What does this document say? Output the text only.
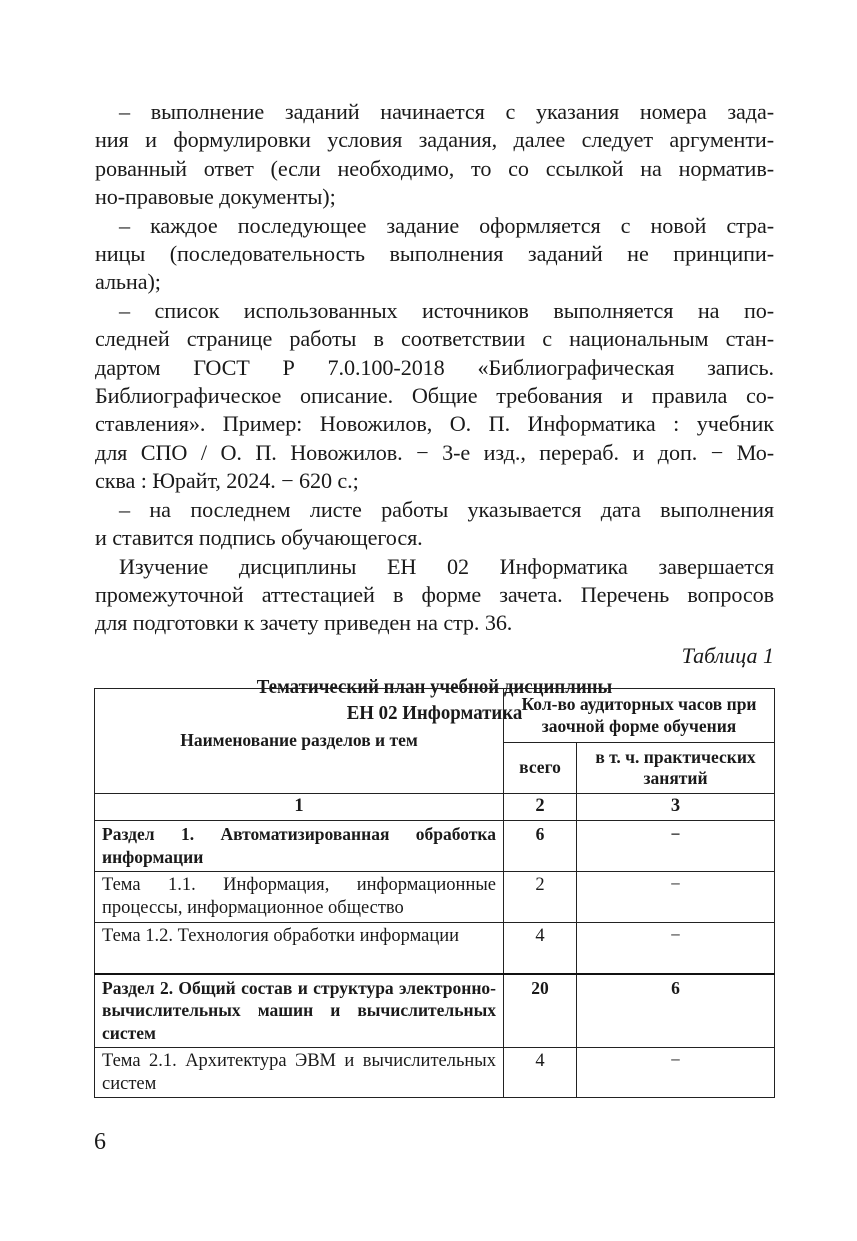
– выполнение заданий начинается с указания номера зада-
ния и формулировки условия задания, далее следует аргументи-
рованный ответ (если необходимо, то со ссылкой на норматив-
но-правовые документы);

– каждое последующее задание оформляется с новой стра-
ницы (последовательность выполнения заданий не принципи-
альна);

– список использованных источников выполняется на по-
следней странице работы в соответствии с национальным стан-
дартом ГОСТ Р 7.0.100-2018 «Библиографическая запись.
Библиографическое описание. Общие требования и правила со-
ставления». Пример: Новожилов, О. П. Информатика : учебник
для СПО / О. П. Новожилов. − 3-е изд., перераб. и доп. − Мо-
сква : Юрайт, 2024. − 620 с.;

– на последнем листе работы указывается дата выполнения
и ставится подпись обучающегося.

Изучение дисциплины ЕН 02 Информатика завершается
промежуточной аттестацией в форме зачета. Перечень вопросов
для подготовки к зачету приведен на стр. 36.

Таблица 1
Тематический план учебной дисциплины
ЕН 02 Информатика
Наименование разделов и тем	Кол-во аудиторных часов при заочной форме обучения	
	всего	в т. ч. практических занятий
1	2	3
Раздел 1. Автоматизированная обработка информации	6	−
Тема 1.1. Информация, информационные процессы, информационное общество	2	−
Тема 1.2. Технология обработки информации	4	−
Раздел 2. Общий состав и структура электронно-вычислительных машин и вычислительных систем	20	6
Тема 2.1. Архитектура ЭВМ и вычислительных систем	4	−
6
